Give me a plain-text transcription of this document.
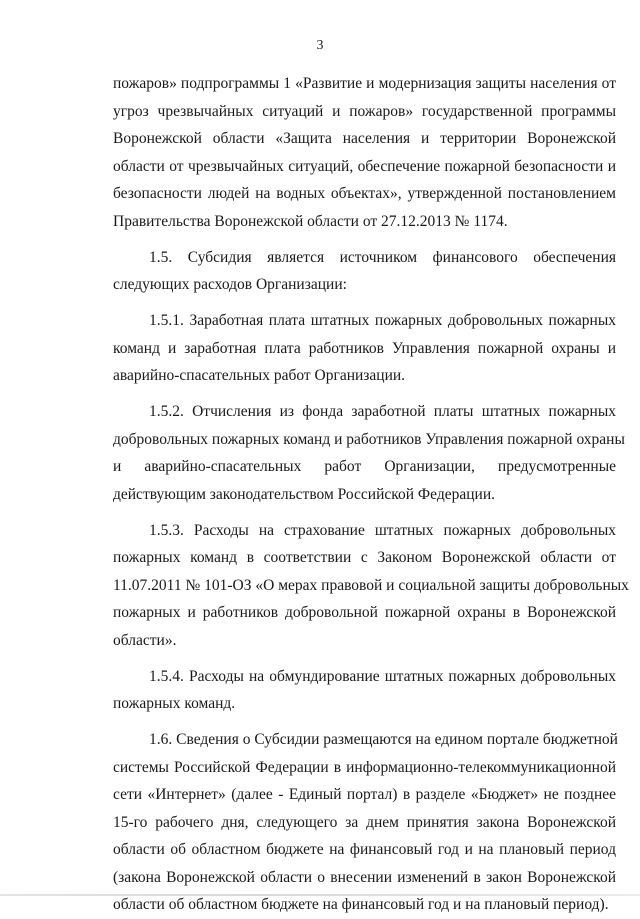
3
пожаров» подпрограммы 1 «Развитие и модернизация защиты населения от
угроз чрезвычайных ситуаций и пожаров» государственной программы
Воронежской области «Защита населения и территории Воронежской
области от чрезвычайных ситуаций, обеспечение пожарной безопасности и
безопасности людей на водных объектах», утвержденной постановлением
Правительства Воронежской области от 27.12.2013 № 1174.
1.5. Субсидия является источником финансового обеспечения
следующих расходов Организации:
1.5.1. Заработная плата штатных пожарных добровольных пожарных
команд и заработная плата работников Управления пожарной охраны и
аварийно-спасательных работ Организации.
1.5.2. Отчисления из фонда заработной платы штатных пожарных
добровольных пожарных команд и работников Управления пожарной охраны
и аварийно-спасательных работ Организации, предусмотренные
действующим законодательством Российской Федерации.
1.5.3. Расходы на страхование штатных пожарных добровольных
пожарных команд в соответствии с Законом Воронежской области от
11.07.2011 № 101-ОЗ «О мерах правовой и социальной защиты добровольных
пожарных и работников добровольной пожарной охраны в Воронежской
области».
1.5.4. Расходы на обмундирование штатных пожарных добровольных
пожарных команд.
1.6. Сведения о Субсидии размещаются на едином портале бюджетной
системы Российской Федерации в информационно-телекоммуникационной
сети «Интернет» (далее - Единый портал) в разделе «Бюджет» не позднее
15-го рабочего дня, следующего за днем принятия закона Воронежской
области об областном бюджете на финансовый год и на плановый период
(закона Воронежской области о внесении изменений в закон Воронежской
области об областном бюджете на финансовый год и на плановый период).
